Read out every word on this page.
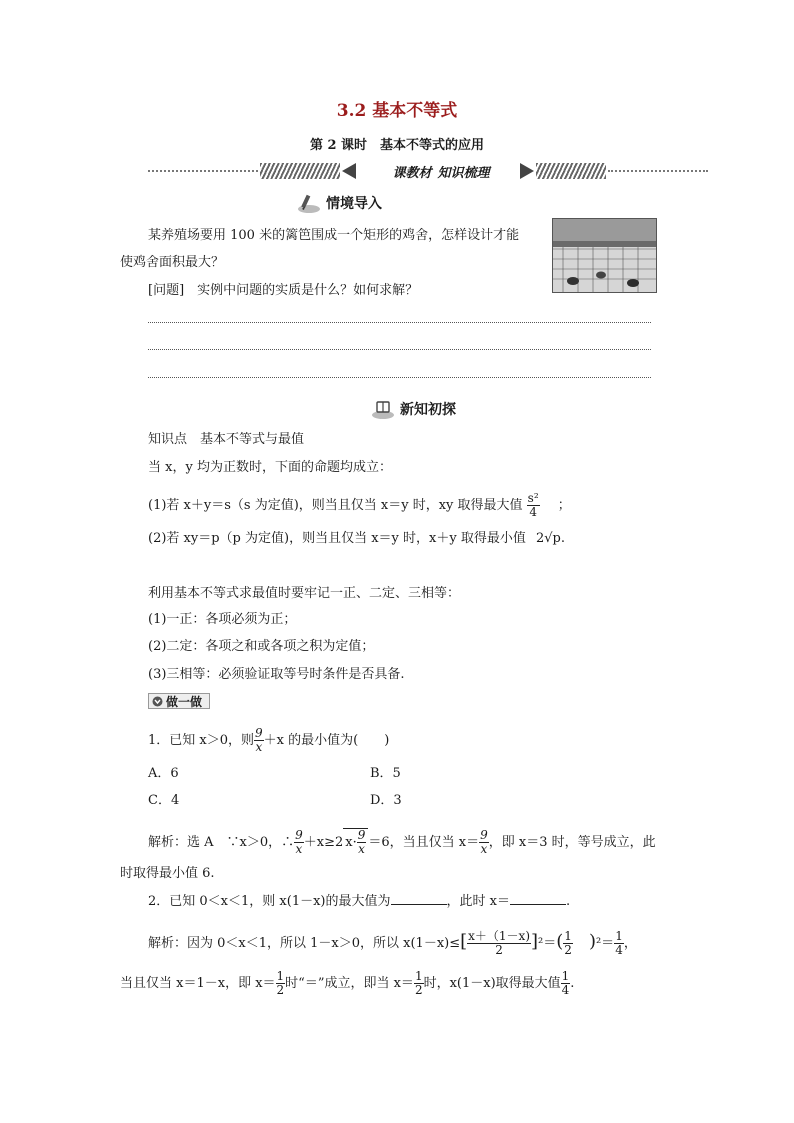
3.2 基本不等式
第 2 课时　基本不等式的应用
课教材 知识梳理
情境导入
某养殖场要用 100 米的篱笆围成一个矩形的鸡舍，怎样设计才能
使鸡舍面积最大？
[问题]　实例中问题的实质是什么？如何求解？
新知初探
知识点　基本不等式与最值
当 x，y 均为正数时，下面的命题均成立：
(1)若 x＋y＝s（s 为定值)，则当且仅当 x＝y 时，xy 取得最大值 $\frac{\text{s²}}{4}$ ；
(2)若 xy＝p（p 为定值)，则当且仅当 x＝y 时，x＋y 取得最小值 2√p.
利用基本不等式求最值时要牢记一正、二定、三相等：
(1)一正：各项必须为正；
(2)二定：各项之和或各项之积为定值；
(3)三相等：必须验证取等号时条件是否具备.
做一做
1．已知 x＞0，则 $\frac{9}{x} +x$ 的最小值为(　　)
A．6	B．5
C．4	D．3
解析：选 A　∵x＞0，∴ $\frac{9}{x} +x\ge 2$ $x\cdot \frac{9}{x} =6$，当且仅当 $x= \frac{9}{x}$ ，即 x＝3 时，等号成立，此
时取得最小值 6.
2．已知 0＜x＜1，则 x(1－x)的最大值为	，此时 x＝	.
解析：因为 0＜x＜1，所以 1－x＞0，所以 $x(1-x)\le[ \frac{x+(1-x)}{2} ]^2=( \frac{1}{2} )^2= \frac{1}{4}$ ，
当且仅当 x＝1－x，即 $x= \frac{1}{2}$ 时“＝”成立，即当 $x= \frac{1}{2}$ 时，x(1－x)取得最大值 $\frac{1}{4}$ .
